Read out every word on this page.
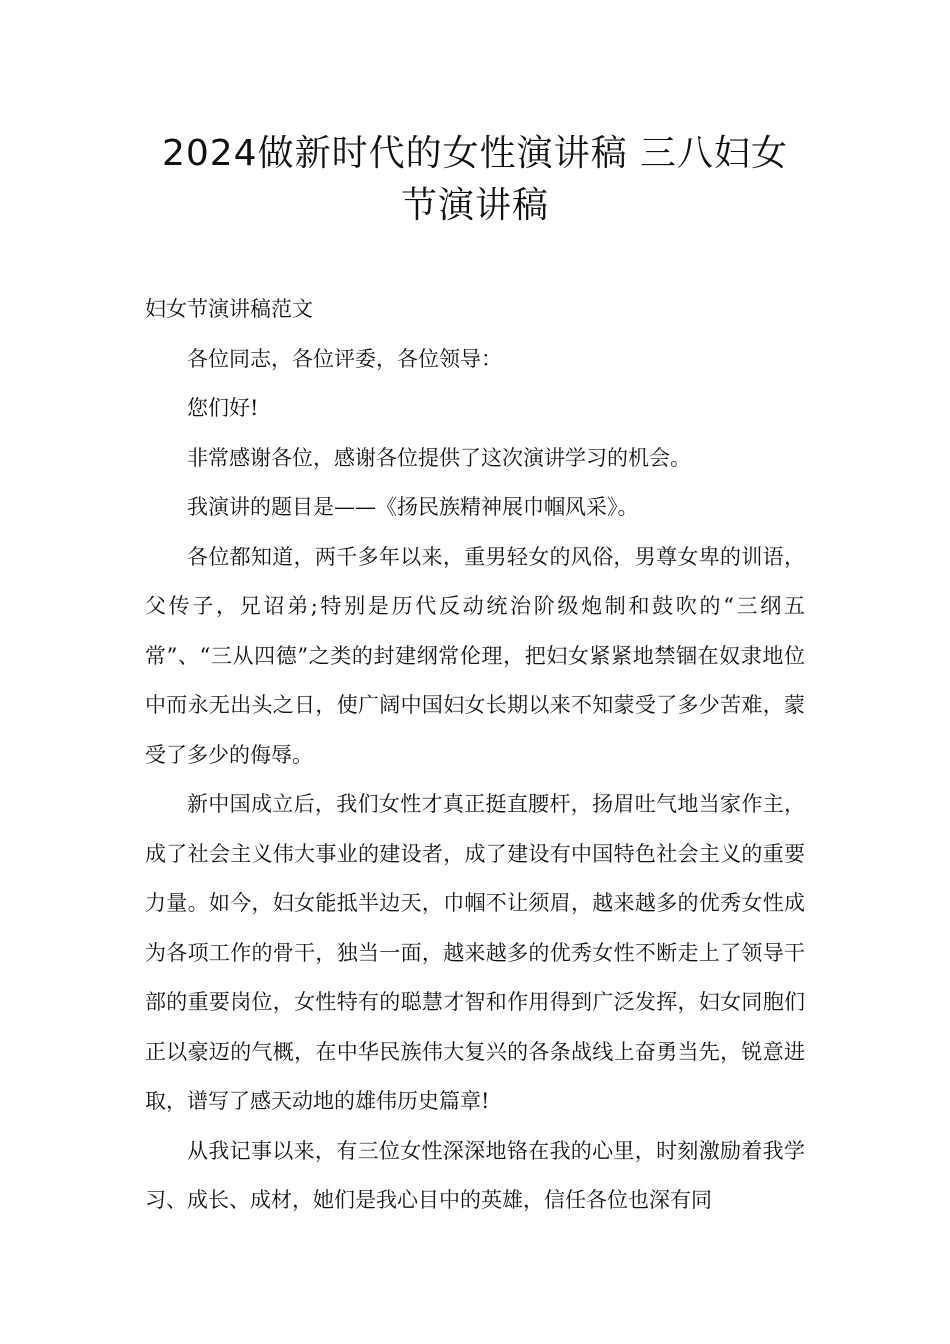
2024做新时代的女性演讲稿 三八妇女
节演讲稿

妇女节演讲稿范文

各位同志，各位评委，各位领导：

您们好!

非常感谢各位，感谢各位提供了这次演讲学习的机会。

我演讲的题目是——《扬民族精神展巾帼风采》。

各位都知道，两千多年以来，重男轻女的风俗，男尊女卑的训语，父传子，兄诏弟;特别是历代反动统治阶级炮制和鼓吹的“三纲五常”、“三从四德”之类的封建纲常伦理，把妇女紧紧地禁锢在奴隶地位中而永无出头之日，使广阔中国妇女长期以来不知蒙受了多少苦难，蒙受了多少的侮辱。

新中国成立后，我们女性才真正挺直腰杆，扬眉吐气地当家作主，成了社会主义伟大事业的建设者，成了建设有中国特色社会主义的重要力量。如今，妇女能抵半边天，巾帼不让须眉，越来越多的优秀女性成为各项工作的骨干，独当一面，越来越多的优秀女性不断走上了领导干部的重要岗位，女性特有的聪慧才智和作用得到广泛发挥，妇女同胞们正以豪迈的气概，在中华民族伟大复兴的各条战线上奋勇当先，锐意进取，谱写了感天动地的雄伟历史篇章!

从我记事以来，有三位女性深深地铬在我的心里，时刻激励着我学习、成长、成材，她们是我心目中的英雄，信任各位也深有同
